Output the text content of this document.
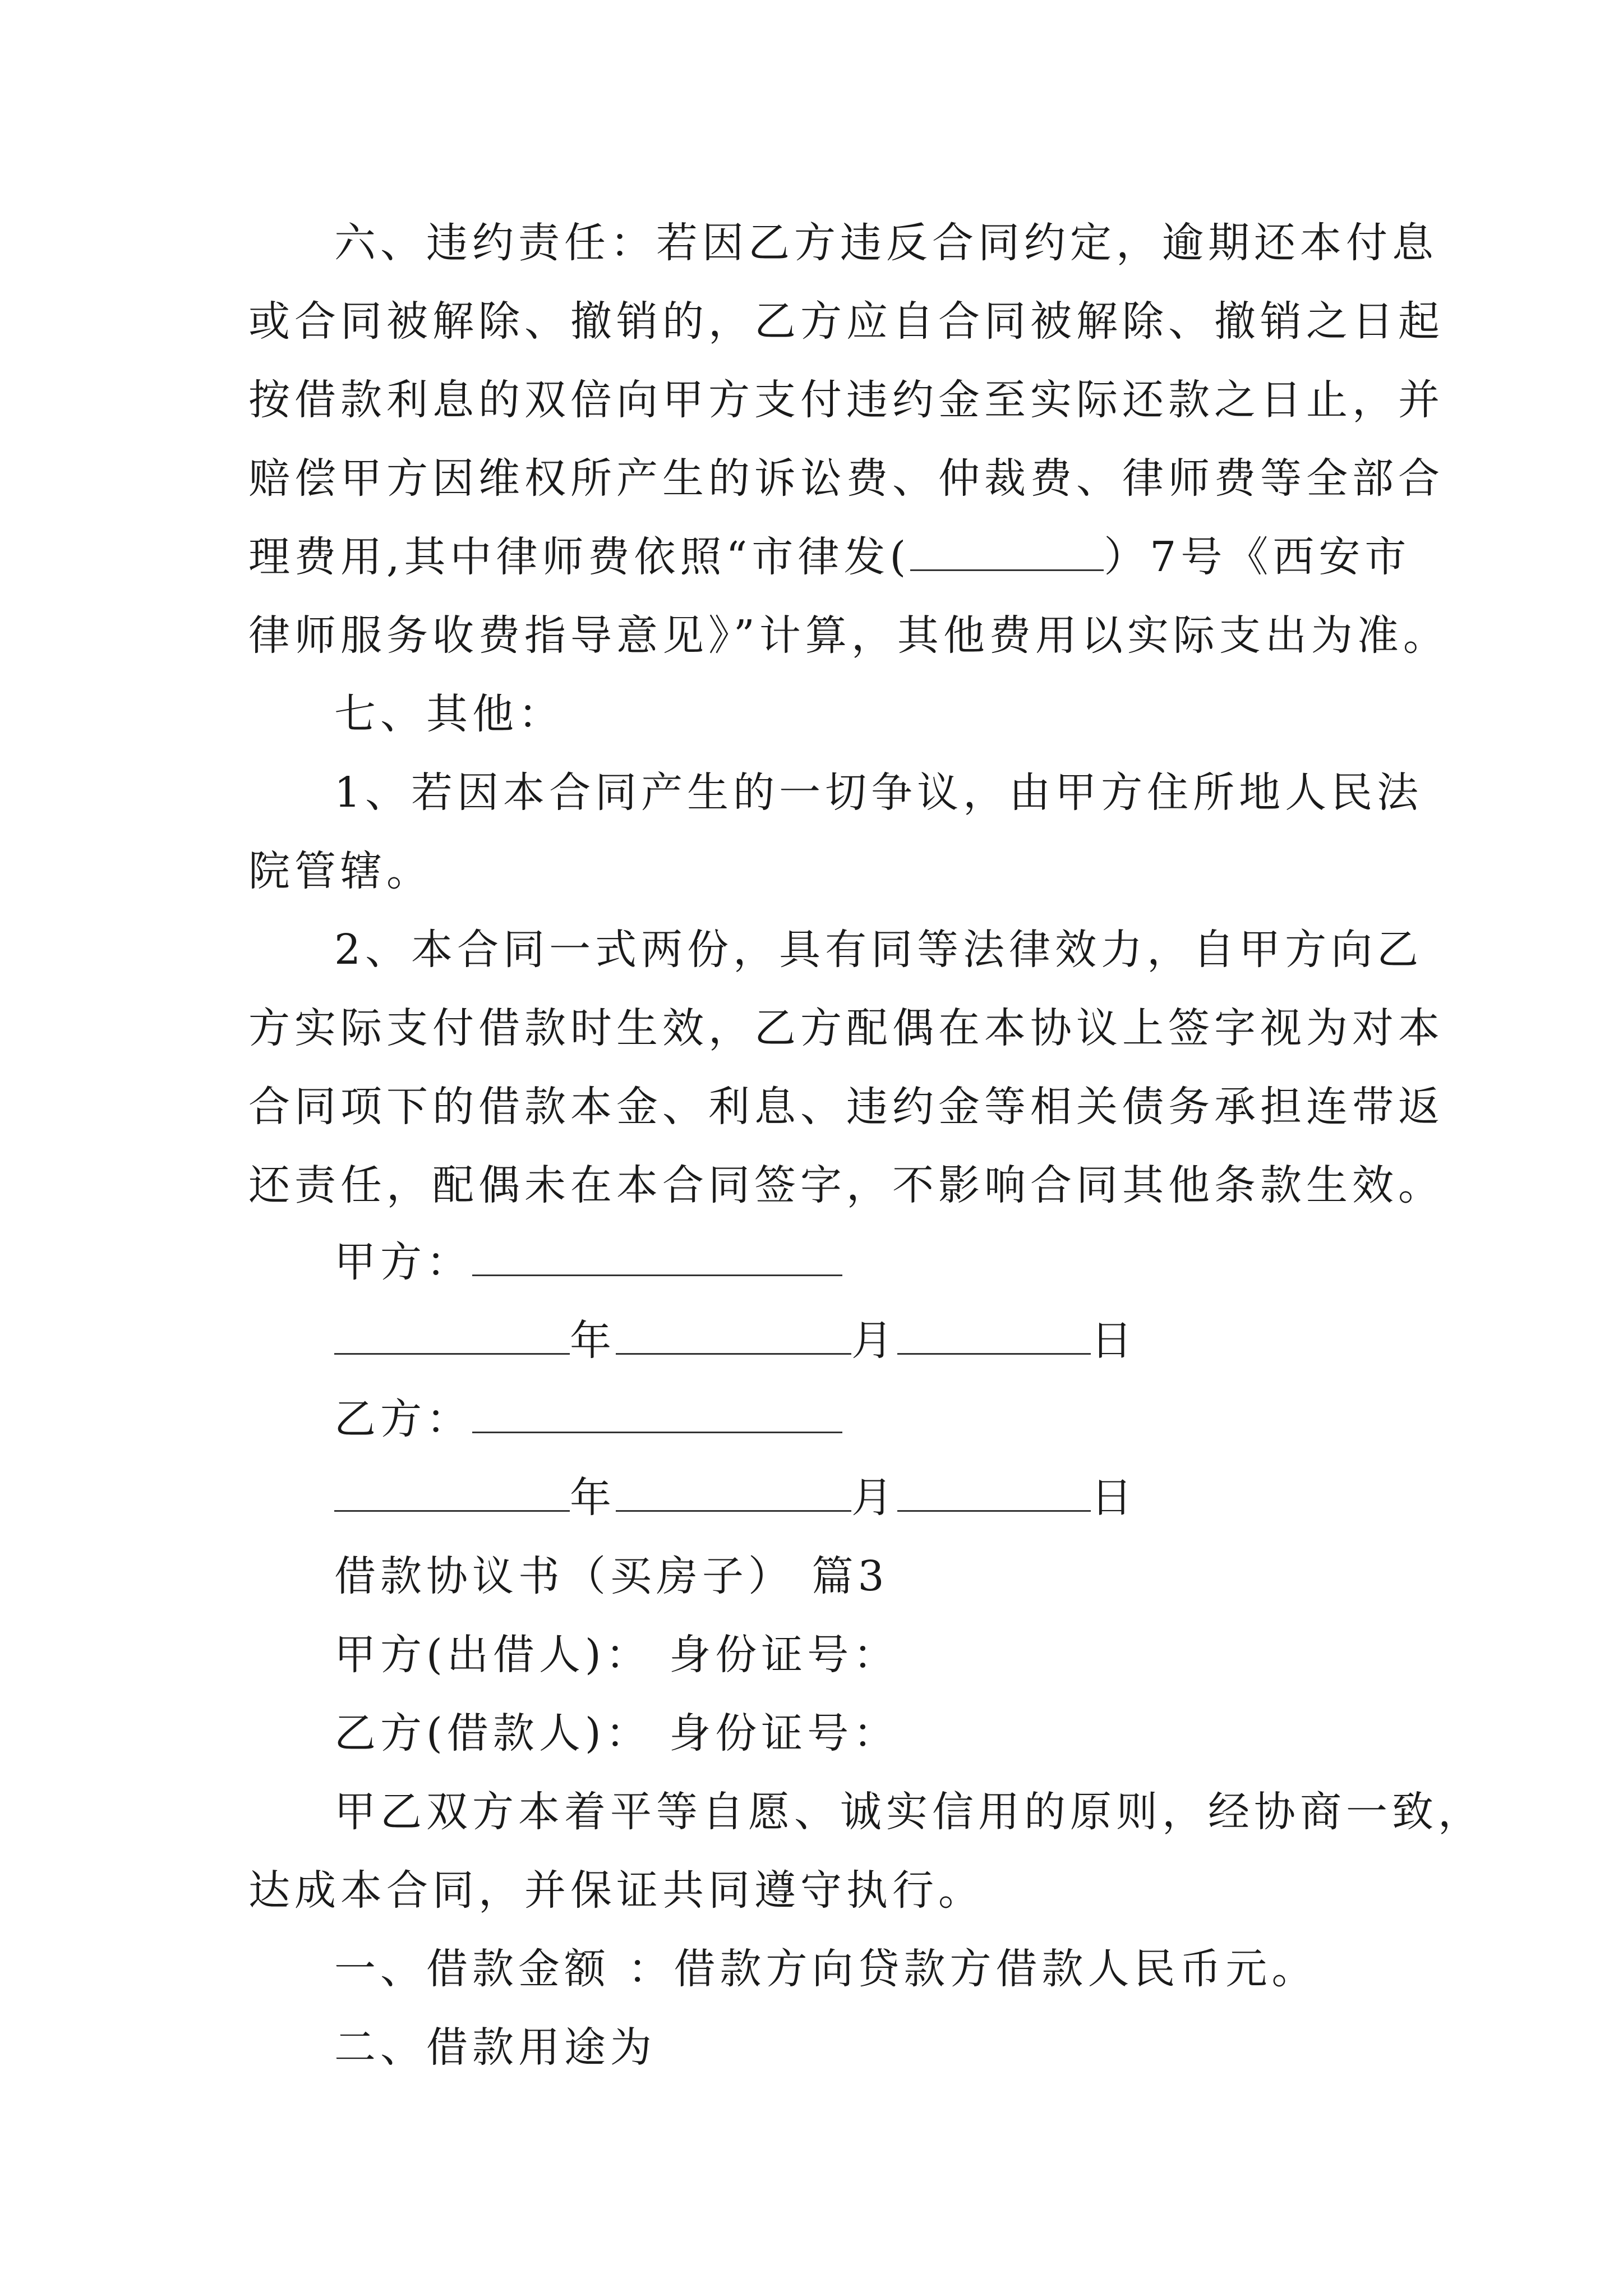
六、违约责任：若因乙方违反合同约定，逾期还本付息
或合同被解除、撤销的，乙方应自合同被解除、撤销之日起
按借款利息的双倍向甲方支付违约金至实际还款之日止，并
赔偿甲方因维权所产生的诉讼费、仲裁费、律师费等全部合
理费用,其中律师费依照“市律发(	）7号《西安市
律师服务收费指导意见》”计算，其他费用以实际支出为准。
七、其他：
1、若因本合同产生的一切争议，由甲方住所地人民法
院管辖。
2、本合同一式两份，具有同等法律效力，自甲方向乙
方实际支付借款时生效，乙方配偶在本协议上签字视为对本
合同项下的借款本金、利息、违约金等相关债务承担连带返
还责任，配偶未在本合同签字，不影响合同其他条款生效。
甲方：
年	月	日
乙方：
年	月	日
借款协议书（买房子） 篇3
甲方(出借人)： 身份证号：
乙方(借款人)： 身份证号：
甲乙双方本着平等自愿、诚实信用的原则，经协商一致，
达成本合同，并保证共同遵守执行。
一、借款金额 ：借款方向贷款方借款人民币元。
二、借款用途为
